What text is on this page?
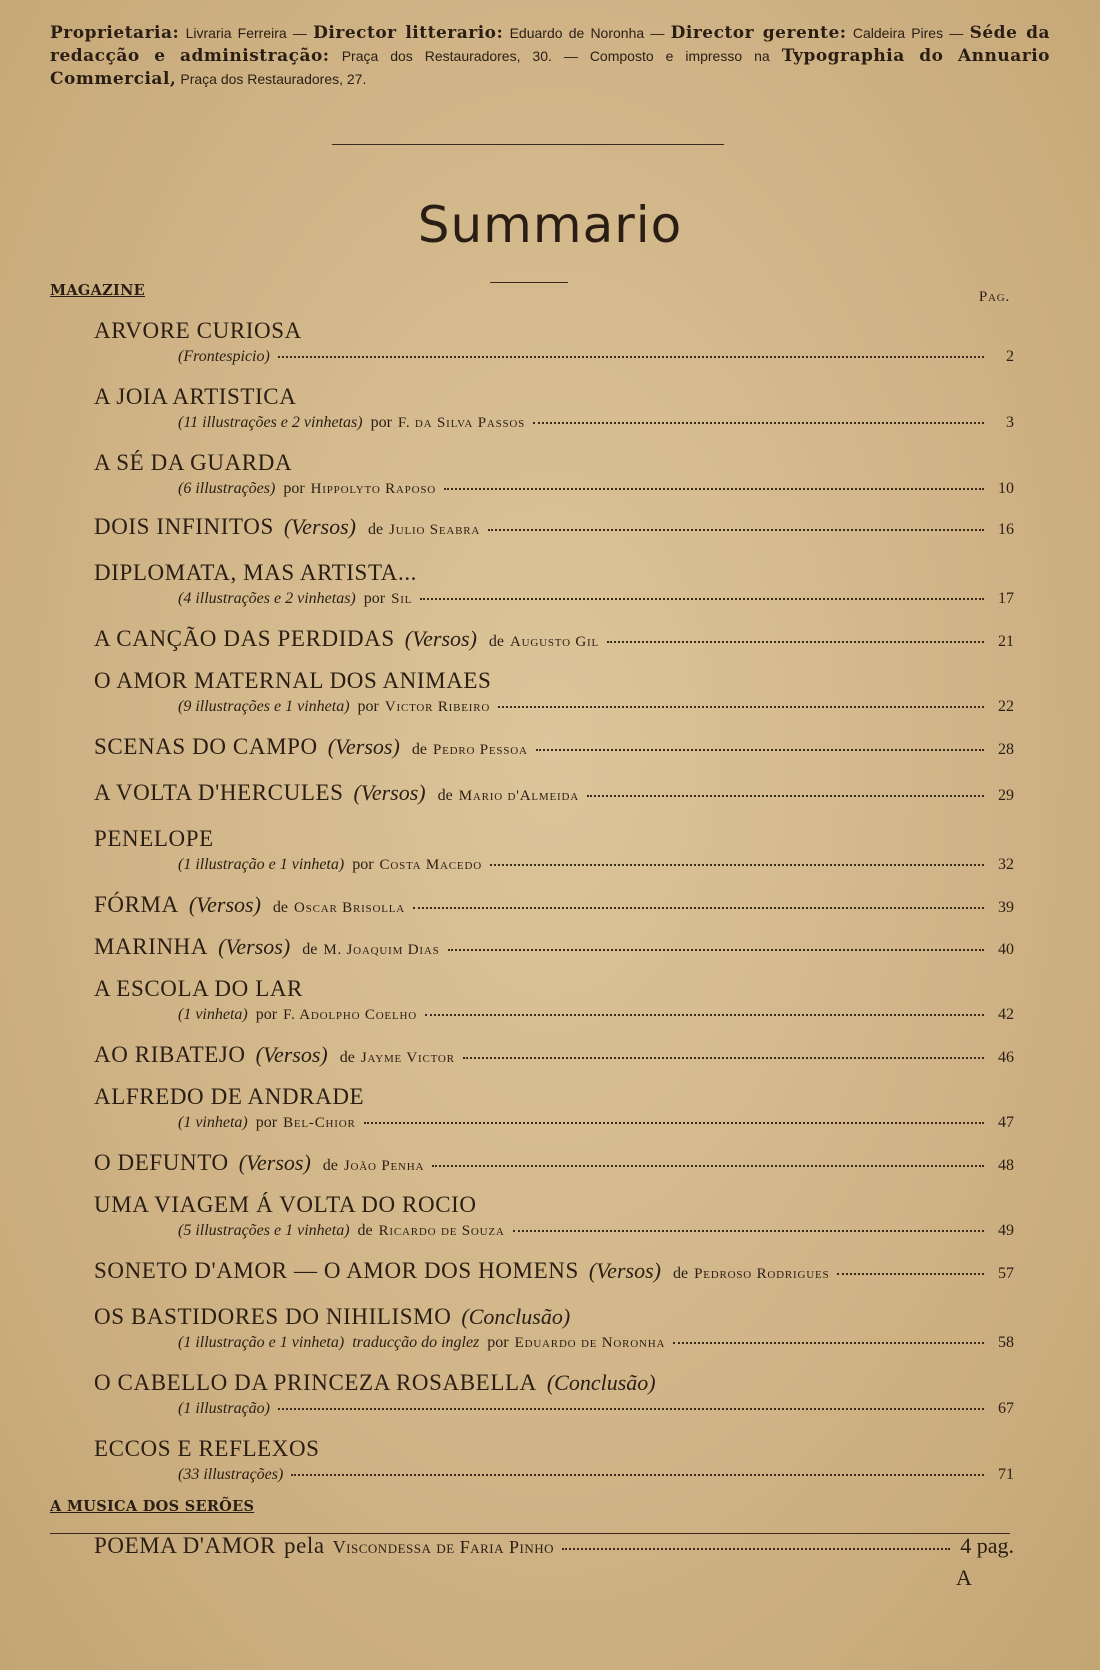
Proprietaria: Livraria Ferreira — Director litterario: Eduardo de Noronha — Director gerente: Caldeira Pires — Séde da redacção e administração: Praça dos Restauradores, 30. — Composto e impresso na Typographia do Annuario Commercial, Praça dos Restauradores, 27.
Summario
MAGAZINE	Pag.
ARVORE CURIOSA
(Frontespicio)	2
A JOIA ARTISTICA
(11 illustrações e 2 vinhetas) por F. da Silva Passos	3
A SÉ DA GUARDA
(6 illustrações) por Hippolyto Raposo	10
DOIS INFINITOS (Versos) de Julio Seabra	16
DIPLOMATA, MAS ARTISTA...
(4 illustrações e 2 vinhetas) por Sil	17
A CANÇÃO DAS PERDIDAS (Versos) de Augusto Gil	21
O AMOR MATERNAL DOS ANIMAES
(9 illustrações e 1 vinheta) por Victor Ribeiro	22
SCENAS DO CAMPO (Versos) de Pedro Pessoa	28
A VOLTA D'HERCULES (Versos) de Mario d'Almeida	29
PENELOPE
(1 illustração e 1 vinheta) por Costa Macedo	32
FÓRMA (Versos) de Oscar Brisolla	39
MARINHA (Versos) de M. Joaquim Dias	40
A ESCOLA DO LAR
(1 vinheta) por F. Adolpho Coelho	42
AO RIBATEJO (Versos) de Jayme Victor	46
ALFREDO DE ANDRADE
(1 vinheta) por Bel-Chior	47
O DEFUNTO (Versos) de João Penha	48
UMA VIAGEM Á VOLTA DO ROCIO
(5 illustrações e 1 vinheta) de Ricardo de Souza	49
SONETO D'AMOR — O AMOR DOS HOMENS (Versos) de Pedroso Rodrigues	57
OS BASTIDORES DO NIHILISMO (Conclusão)
(1 illustração e 1 vinheta) traducção do inglez por Eduardo de Noronha	58
O CABELLO DA PRINCEZA ROSABELLA (Conclusão)
(1 illustração)	67
ECCOS E REFLEXOS
(33 illustrações)	71
A MUSICA DOS SERÕES
POEMA D'AMOR pela Viscondessa de Faria Pinho	4 pag.
A
